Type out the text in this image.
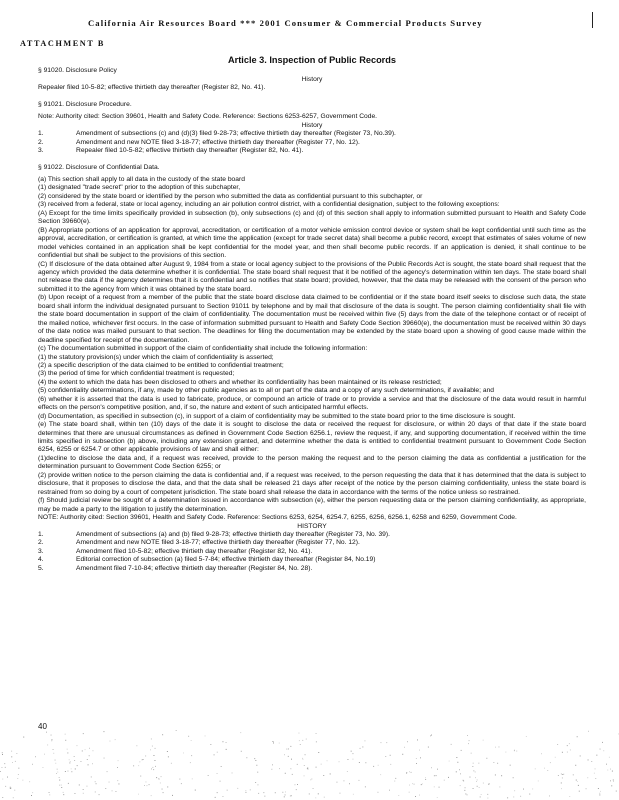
California Air Resources Board *** 2001 Consumer & Commercial Products Survey
ATTACHMENT B
Article 3. Inspection of Public Records
§ 91020. Disclosure Policy
History
Repealer filed 10-5-82; effective thirtieth day thereafter (Register 82, No. 41).
§ 91021. Disclosure Procedure.
Note: Authority cited: Section 39601, Health and Safety Code. Reference: Sections 6253-6257, Government Code.
History
1.	Amendment of subsections (c) and (d)(3) filed 9-28-73; effective thirtieth day thereafter (Register 73, No.39).
2.	Amendment and new NOTE filed 3-18-77; effective thirtieth day thereafter (Register 77, No. 12).
3.	Repealer filed 10-5-82; effective thirtieth day thereafter (Register 82, No. 41).
§ 91022. Disclosure of Confidential Data.

(a) This section shall apply to all data in the custody of the state board

(1) designated "trade secret" prior to the adoption of this subchapter,

(2) considered by the state board or identified by the person who submitted the data as confidential pursuant to this subchapter, or

(3) received from a federal, state or local agency, including an air pollution control district, with a confidential designation, subject to the following exceptions:

(A) Except for the time limits specifically provided in subsection (b), only subsections (c) and (d) of this section shall apply to information submitted pursuant to Health and Safety Code Section 39660(e).

(B) Appropriate portions of an application for approval, accreditation, or certification of a motor vehicle emission control device or system shall be kept confidential until such time as the approval, accreditation, or certification is granted, at which time the application (except for trade secret data) shall become a public record, except that estimates of sales volume of new model vehicles contained in an application shall be kept confidential for the model year, and then shall become public records. If an application is denied, it shall continue to be confidential but shall be subject to the provisions of this section.

(C) If disclosure of the data obtained after August 9, 1984 from a state or local agency subject to the provisions of the Public Records Act is sought, the state board shall request that the agency which provided the data determine whether it is confidential. The state board shall request that it be notified of the agency's determination within ten days. The state board shall not release the data if the agency determines that it is confidential and so notifies that state board; provided, however, that the data may be released with the consent of the person who submitted it to the agency from which it was obtained by the state board.

(b) Upon receipt of a request from a member of the public that the state board disclose data claimed to be confidential or if the state board itself seeks to disclose such data, the state board shall inform the individual designated pursuant to Section 91011 by telephone and by mail that disclosure of the data is sought. The person claiming confidentiality shall file with the state board documentation in support of the claim of confidentiality. The documentation must be received within five (5) days from the date of the telephone contact or of receipt of the mailed notice, whichever first occurs. In the case of information submitted pursuant to Health and Safety Code Section 39660(e), the documentation must be received within 30 days of the date notice was mailed pursuant to that section. The deadlines for filing the documentation may be extended by the state board upon a showing of good cause made within the deadline specified for receipt of the documentation.

(c) The documentation submitted in support of the claim of confidentiality shall include the following information:

(1) the statutory provision(s) under which the claim of confidentiality is asserted;

(2) a specific description of the data claimed to be entitled to confidential treatment;

(3) the period of time for which confidential treatment is requested;

(4) the extent to which the data has been disclosed to others and whether its confidentiality has been maintained or its release restricted;

(5) confidentiality determinations, if any, made by other public agencies as to all or part of the data and a copy of any such determinations, if available; and

(6) whether it is asserted that the data is used to fabricate, produce, or compound an article of trade or to provide a service and that the disclosure of the data would result in harmful effects on the person's competitive position, and, if so, the nature and extent of such anticipated harmful effects.

(d) Documentation, as specified in subsection (c), in support of a claim of confidentiality may be submitted to the state board prior to the time disclosure is sought.

(e) The state board shall, within ten (10) days of the date it is sought to disclose the data or received the request for disclosure, or within 20 days of that date if the state board determines that there are unusual circumstances as defined in Government Code Section 6256.1, review the request, if any, and supporting documentation, if received within the time limits specified in subsection (b) above, including any extension granted, and determine whether the data is entitled to confidential treatment pursuant to Government Code Section 6254, 6255 or 6254.7 or other applicable provisions of law and shall either:

(1)decline to disclose the data and, if a request was received, provide to the person making the request and to the person claiming the data as confidential a justification for the determination pursuant to Government Code Section 6255; or

(2) provide written notice to the person claiming the data is confidential and, if a request was received, to the person requesting the data that it has determined that the data is subject to disclosure, that it proposes to disclose the data, and that the data shall be released 21 days after receipt of the notice by the person claiming confidentiality, unless the state board is restrained from so doing by a court of competent jurisdiction. The state board shall release the data in accordance with the terms of the notice unless so restrained.

(f) Should judicial review be sought of a determination issued in accordance with subsection (e), either the person requesting data or the person claiming confidentiality, as appropriate, may be made a party to the litigation to justify the determination.

NOTE: Authority cited: Section 39601, Health and Safety Code. Reference: Sections 6253, 6254, 6254.7, 6255, 6256, 6256.1, 6258 and 6259, Government Code.

HISTORY
1.	Amendment of subsections (a) and (b) filed 9-28-73; effective thirtieth day thereafter (Register 73, No. 39).
2.	Amendment and new NOTE filed 3-18-77; effective thirtieth day thereafter (Register 77, No. 12).
3.	Amendment filed 10-5-82; effective thirtieth day thereafter (Register 82, No. 41).
4.	Editorial correction of subsection (a) filed 5-7-84; effective thirtieth day thereafter (Register 84, No.19)
5.	Amendment filed 7-10-84; effective thirtieth day thereafter (Register 84, No. 28).
40
